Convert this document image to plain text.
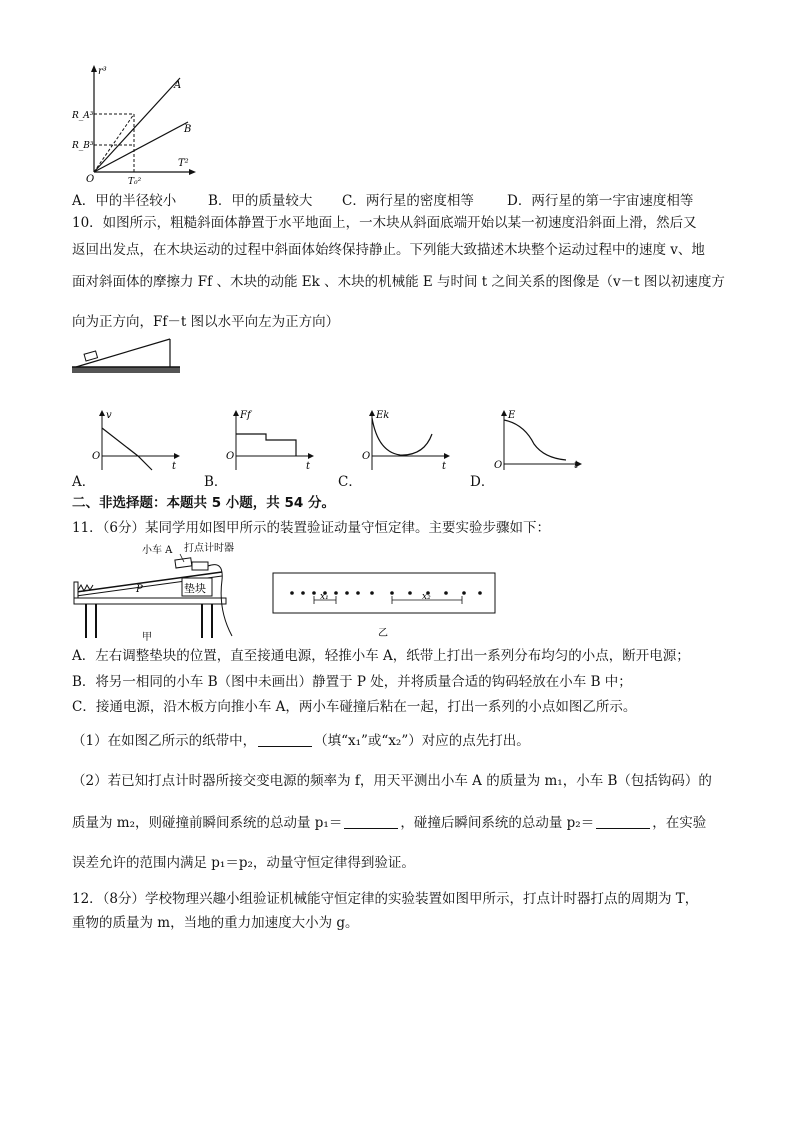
r³
T²
A
B
R_A³
R_B³
T₀²
O
A．甲的半径较小 B．甲的质量较大 C．两行星的密度相等 D．两行星的第一宇宙速度相等
10．如图所示，粗糙斜面体静置于水平地面上，一木块从斜面底端开始以某一初速度沿斜面上滑，然后又
返回出发点，在木块运动的过程中斜面体始终保持静止。下列能大致描述木块整个运动过程中的速度 v、地
面对斜面体的摩擦力 Ff 、木块的动能 Ek 、木块的机械能 E 与时间 t 之间关系的图像是（v－t 图以初速度方
向为正方向，Ff－t 图以水平向左为正方向）
v
t
O
A．
Ff
t
O
B．
Ek
t
O
C．
E
t
O
D．
二、非选择题：本题共 5 小题，共 54 分。
11．（6分）某同学用如图甲所示的装置验证动量守恒定律。主要实验步骤如下：
垫块
P
甲
小车 A 打点计时器
x₁	x₂
乙
A．左右调整垫块的位置，直至接通电源，轻推小车 A，纸带上打出一系列分布均匀的小点，断开电源；
B．将另一相同的小车 B（图中未画出）静置于 P 处，并将质量合适的钩码轻放在小车 B 中；
C．接通电源，沿木板方向推小车 A，两小车碰撞后粘在一起，打出一系列的小点如图乙所示。
（1）在如图乙所示的纸带中，	（填“x₁”或“x₂”）对应的点先打出。
（2）若已知打点计时器所接交变电源的频率为 f，用天平测出小车 A 的质量为 m₁，小车 B（包括钩码）的
质量为 m₂，则碰撞前瞬间系统的总动量 p₁＝	，碰撞后瞬间系统的总动量 p₂＝	，在实验
误差允许的范围内满足 p₁＝p₂，动量守恒定律得到验证。
12．（8分）学校物理兴趣小组验证机械能守恒定律的实验装置如图甲所示，打点计时器打点的周期为 T，
重物的质量为 m，当地的重力加速度大小为 g。
